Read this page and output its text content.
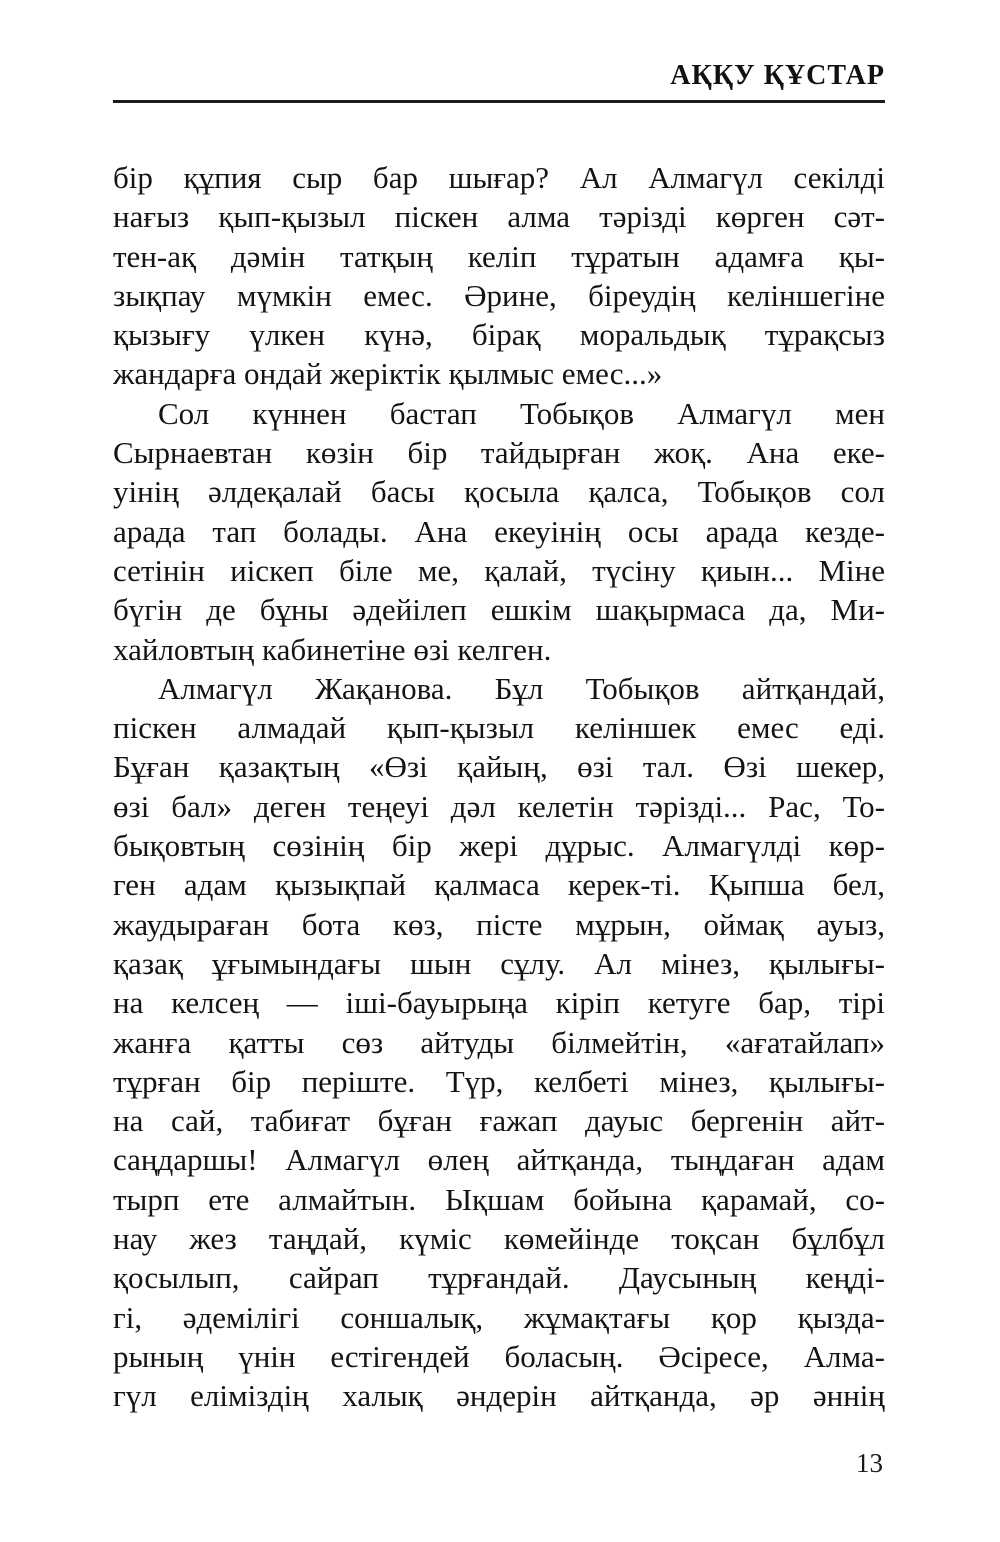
АҚҚУ ҚҰСТАР
бір құпия сыр бар шығар? Ал Алмагүл секілді
нағыз қып-қызыл піскен алма тәрізді көрген сәт-
тен-ақ дәмін татқың келіп тұратын адамға қы-
зықпау мүмкін емес. Әрине, біреудің келіншегіне
қызығу үлкен күнә, бірақ моральдық тұрақсыз
жандарға ондай жеріктік қылмыс емес...»
Сол күннен бастап Тобықов Алмагүл мен
Сырнаевтан көзін бір тайдырған жоқ. Ана еке-
уінің әлдеқалай басы қосыла қалса, Тобықов сол
арада тап болады. Ана екеуінің осы арада кезде-
сетінін иіскеп біле ме, қалай, түсіну қиын... Міне
бүгін де бұны әдейілеп ешкім шақырмаса да, Ми-
хайловтың кабинетіне өзі келген.
Алмагүл Жақанова. Бұл Тобықов айтқандай,
піскен алмадай қып-қызыл келіншек емес еді.
Бұған қазақтың «Өзі қайың, өзі тал. Өзі шекер,
өзі бал» деген теңеуі дәл келетін тәрізді... Рас, То-
бықовтың сөзінің бір жері дұрыс. Алмагүлді көр-
ген адам қызықпай қалмаса керек-ті. Қыпша бел,
жаудыраған бота көз, пісте мұрын, оймақ ауыз,
қазақ ұғымындағы шын сұлу. Ал мінез, қылығы-
на келсең — іші-бауырыңа кіріп кетуге бар, тірі
жанға қатты сөз айтуды білмейтін, «ағатайлап»
тұрған бір періште. Түр, келбеті мінез, қылығы-
на сай, табиғат бұған ғажап дауыс бергенін айт-
саңдаршы! Алмагүл өлең айтқанда, тыңдаған адам
тырп ете алмайтын. Ықшам бойына қарамай, со-
нау жез таңдай, күміс көмейінде тоқсан бұлбұл
қосылып, сайрап тұрғандай. Даусының кеңді-
гі, әдемілігі соншалық, жұмақтағы қор қызда-
рының үнін естігендей боласың. Әсіресе, Алма-
гүл еліміздің халық әндерін айтқанда, әр әннің
13
